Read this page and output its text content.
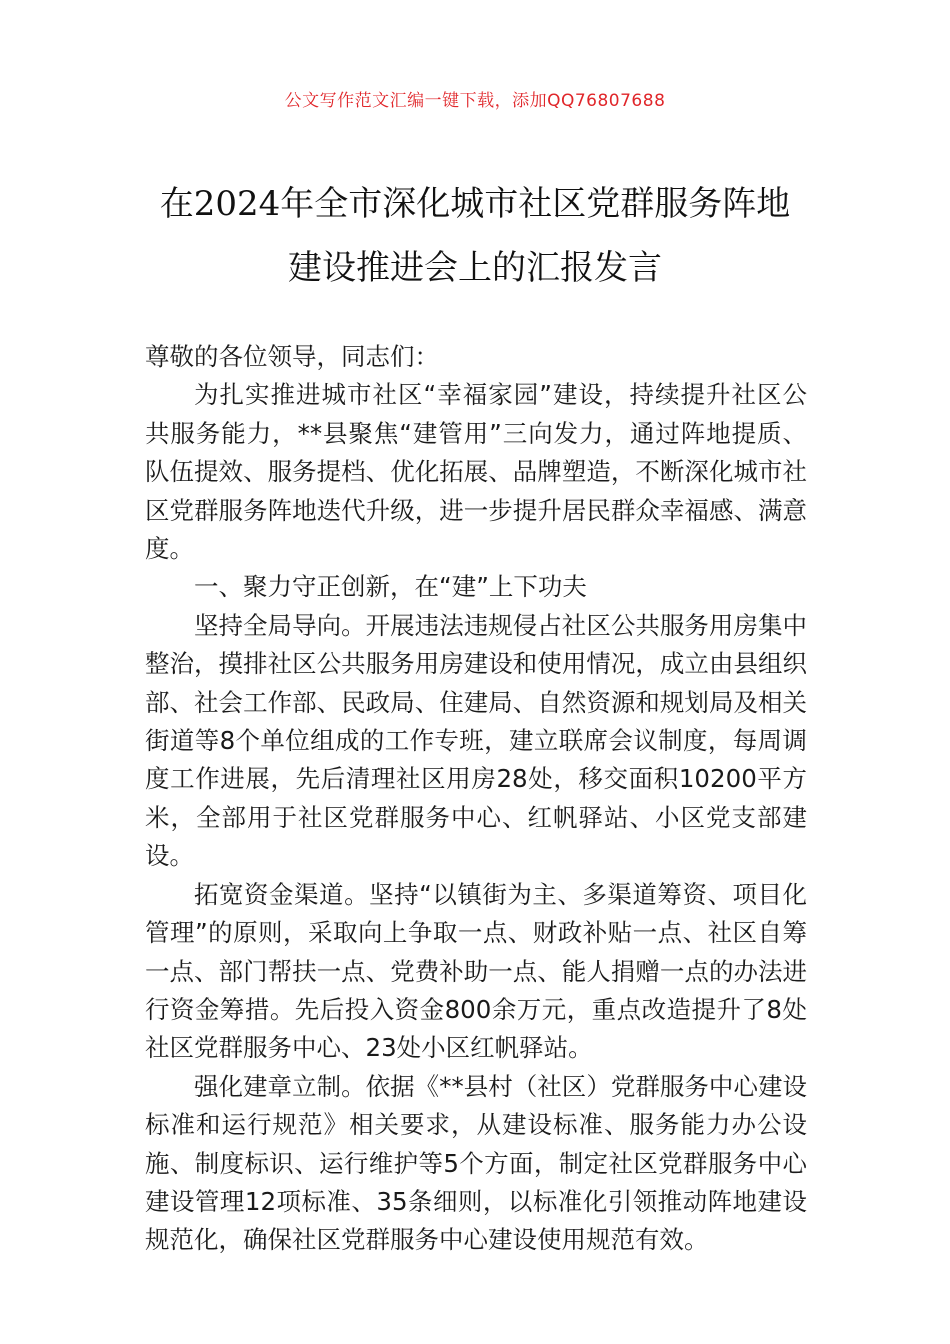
公文写作范文汇编一键下载，添加QQ76807688
在2024年全市深化城市社区党群服务阵地
建设推进会上的汇报发言

尊敬的各位领导，同志们：

为扎实推进城市社区“幸福家园”建设，持续提升社区公共服务能力，**县聚焦“建管用”三向发力，通过阵地提质、队伍提效、服务提档、优化拓展、品牌塑造，不断深化城市社区党群服务阵地迭代升级，进一步提升居民群众幸福感、满意度。

一、聚力守正创新，在“建”上下功夫

坚持全局导向。开展违法违规侵占社区公共服务用房集中整治，摸排社区公共服务用房建设和使用情况，成立由县组织部、社会工作部、民政局、住建局、自然资源和规划局及相关街道等8个单位组成的工作专班，建立联席会议制度，每周调度工作进展，先后清理社区用房28处，移交面积10200平方米，全部用于社区党群服务中心、红帆驿站、小区党支部建设。

拓宽资金渠道。坚持“以镇街为主、多渠道筹资、项目化管理”的原则，采取向上争取一点、财政补贴一点、社区自筹一点、部门帮扶一点、党费补助一点、能人捐赠一点的办法进行资金筹措。先后投入资金800余万元，重点改造提升了8处社区党群服务中心、23处小区红帆驿站。

强化建章立制。依据《**县村（社区）党群服务中心建设标准和运行规范》相关要求，从建设标准、服务能力办公设施、制度标识、运行维护等5个方面，制定社区党群服务中心建设管理12项标准、35条细则，以标准化引领推动阵地建设规范化，确保社区党群服务中心建设使用规范有效。
